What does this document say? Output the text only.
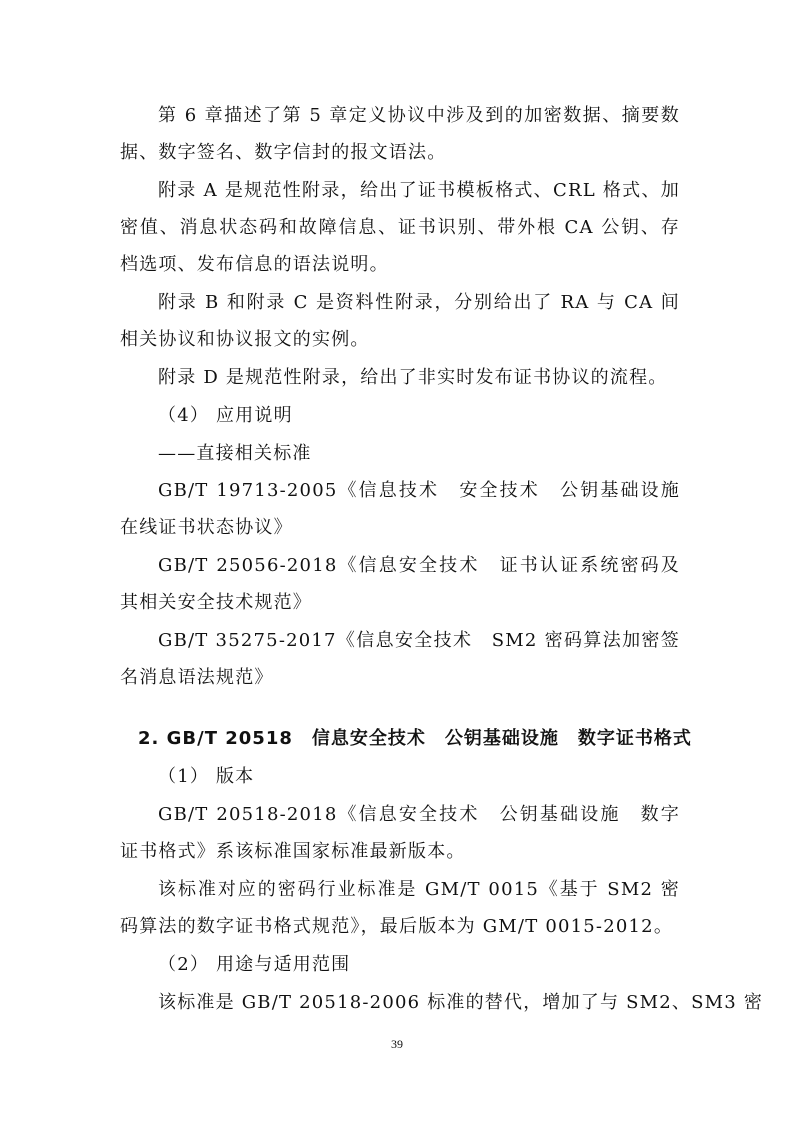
第 6 章描述了第 5 章定义协议中涉及到的加密数据、摘要数据、数字签名、数字信封的报文语法。
附录 A 是规范性附录，给出了证书模板格式、CRL 格式、加密值、消息状态码和故障信息、证书识别、带外根 CA 公钥、存档选项、发布信息的语法说明。
附录 B 和附录 C 是资料性附录，分别给出了 RA 与 CA 间相关协议和协议报文的实例。
附录 D 是规范性附录，给出了非实时发布证书协议的流程。
（4） 应用说明
——直接相关标准
GB/T 19713-2005《信息技术　安全技术　公钥基础设施在线证书状态协议》
GB/T 25056-2018《信息安全技术　证书认证系统密码及其相关安全技术规范》
GB/T 35275-2017《信息安全技术　SM2 密码算法加密签名消息语法规范》
2. GB/T 20518　信息安全技术　公钥基础设施　数字证书格式
（1） 版本
GB/T 20518-2018《信息安全技术　公钥基础设施　数字证书格式》系该标准国家标准最新版本。
该标准对应的密码行业标准是 GM/T 0015《基于 SM2 密码算法的数字证书格式规范》，最后版本为 GM/T 0015-2012。
（2） 用途与适用范围
该标准是 GB/T 20518-2006 标准的替代，增加了与 SM2、SM3 密
39
